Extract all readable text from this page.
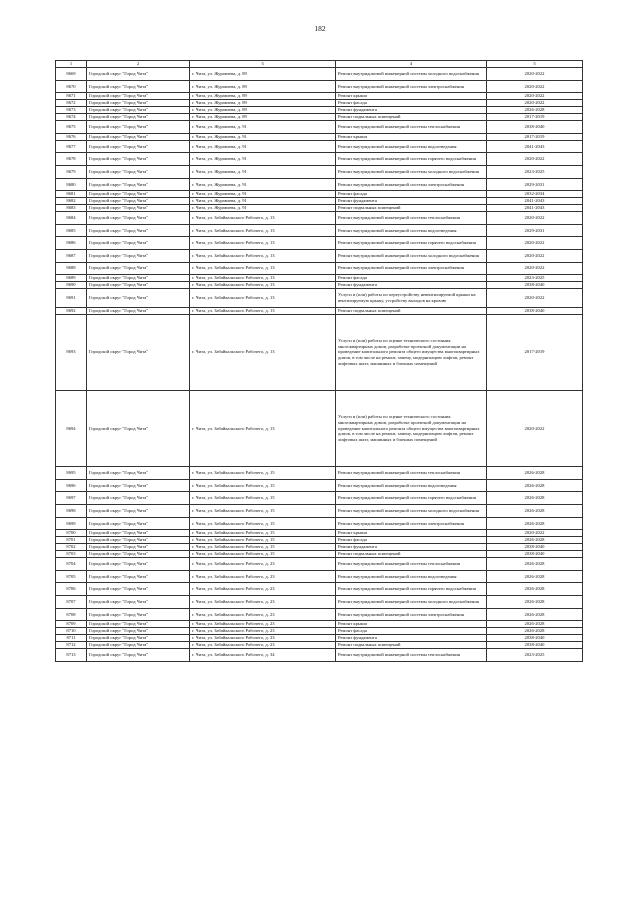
182
1	2	3	4	5
8669	Городской округ "Город Чита"	г. Чита, ул. Журавлева, д. 89	Ремонт внутридомовой инженерной системы холодного водоснабжения	2020-2022
8670	Городской округ "Город Чита"	г. Чита, ул. Журавлева, д. 89	Ремонт внутридомовой инженерной системы электроснабжения	2020-2022
8671	Городской округ "Город Чита"	г. Чита, ул. Журавлева, д. 89	Ремонт крыши	2020-2022
8672	Городской округ "Город Чита"	г. Чита, ул. Журавлева, д. 89	Ремонт фасада	2020-2022
8673	Городской округ "Город Чита"	г. Чита, ул. Журавлева, д. 89	Ремонт фундамента	2026-2028
8674	Городской округ "Город Чита"	г. Чита, ул. Журавлева, д. 89	Ремонт подвальных помещений	2017-2019
8675	Городской округ "Город Чита"	г. Чита, ул. Журавлева, д. 91	Ремонт внутридомовой инженерной системы теплоснабжения	2038-2040
8676	Городской округ "Город Чита"	г. Чита, ул. Журавлева, д. 91	Ремонт крыши	2017-2019
8677	Городской округ "Город Чита"	г. Чита, ул. Журавлева, д. 91	Ремонт внутридомовой инженерной системы водоотведения	2041-2043
8678	Городской округ "Город Чита"	г. Чита, ул. Журавлева, д. 91	Ремонт внутридомовой инженерной системы горячего водоснабжения	2020-2022
8679	Городской округ "Город Чита"	г. Чита, ул. Журавлева, д. 91	Ремонт внутридомовой инженерной системы холодного водоснабжения	2023-2025
8680	Городской округ "Город Чита"	г. Чита, ул. Журавлева, д. 91	Ремонт внутридомовой инженерной системы электроснабжения	2029-2031
8681	Городской округ "Город Чита"	г. Чита, ул. Журавлева, д. 91	Ремонт фасада	2032-2034
8682	Городской округ "Город Чита"	г. Чита, ул. Журавлева, д. 91	Ремонт фундамента	2041-2043
8683	Городской округ "Город Чита"	г. Чита, ул. Журавлева, д. 91	Ремонт подвальных помещений	2041-2043
8684	Городской округ "Город Чита"	г. Чита, ул. Забайкальского Рабочего, д. 13	Ремонт внутридомовой инженерной системы теплоснабжения	2020-2022
8685	Городской округ "Город Чита"	г. Чита, ул. Забайкальского Рабочего, д. 13	Ремонт внутридомовой инженерной системы водоотведения	2029-2031
8686	Городской округ "Город Чита"	г. Чита, ул. Забайкальского Рабочего, д. 13	Ремонт внутридомовой инженерной системы горячего водоснабжения	2020-2022
8687	Городской округ "Город Чита"	г. Чита, ул. Забайкальского Рабочего, д. 13	Ремонт внутридомовой инженерной системы холодного водоснабжения	2020-2022
8688	Городской округ "Город Чита"	г. Чита, ул. Забайкальского Рабочего, д. 13	Ремонт внутридомовой инженерной системы электроснабжения	2020-2022
8689	Городской округ "Город Чита"	г. Чита, ул. Забайкальского Рабочего, д. 13	Ремонт фасада	2023-2025
8690	Городской округ "Город Чита"	г. Чита, ул. Забайкальского Рабочего, д. 13	Ремонт фундамента	2038-2040
8691	Городской округ "Город Чита"	г. Чита, ул. Забайкальского Рабочего, д. 13	Услуги и (или) работы по переустройству невентилируемой крыши на вентилируемую крышу, устройству выходов на кровлю	2020-2022
8692	Городской округ "Город Чита"	г. Чита, ул. Забайкальского Рабочего, д. 13	Ремонт подвальных помещений	2038-2040
8693	Городской округ "Город Чита"	г. Чита, ул. Забайкальского Рабочего, д. 13	Услуги и (или) работы по оценке технического состояния многоквартирных домов, разработке проектной документации на проведение капитального ремонта общего имущества многоквартирных домов, в том числе на ремонт, замену, модернизацию лифтов, ремонт лифтовых шахт, машинных и блочных помещений	2017-2019
8694	Городской округ "Город Чита"	г. Чита, ул. Забайкальского Рабочего, д. 13	Услуги и (или) работы по оценке технического состояния многоквартирных домов, разработке проектной документации на проведение капитального ремонта общего имущества многоквартирных домов, в том числе на ремонт, замену, модернизацию лифтов, ремонт лифтовых шахт, машинных и блочных помещений	2020-2022
8695	Городской округ "Город Чита"	г. Чита, ул. Забайкальского Рабочего, д. 15	Ремонт внутридомовой инженерной системы теплоснабжения	2026-2028
8696	Городской округ "Город Чита"	г. Чита, ул. Забайкальского Рабочего, д. 15	Ремонт внутридомовой инженерной системы водоотведения	2026-2028
8697	Городской округ "Город Чита"	г. Чита, ул. Забайкальского Рабочего, д. 15	Ремонт внутридомовой инженерной системы горячего водоснабжения	2026-2028
8698	Городской округ "Город Чита"	г. Чита, ул. Забайкальского Рабочего, д. 15	Ремонт внутридомовой инженерной системы холодного водоснабжения	2026-2028
8699	Городской округ "Город Чита"	г. Чита, ул. Забайкальского Рабочего, д. 15	Ремонт внутридомовой инженерной системы электроснабжения	2026-2028
8700	Городской округ "Город Чита"	г. Чита, ул. Забайкальского Рабочего, д. 15	Ремонт крыши	2020-2022
8701	Городской округ "Город Чита"	г. Чита, ул. Забайкальского Рабочего, д. 15	Ремонт фасада	2026-2028
8702	Городской округ "Город Чита"	г. Чита, ул. Забайкальского Рабочего, д. 15	Ремонт фундамента	2038-2040
8703	Городской округ "Город Чита"	г. Чита, ул. Забайкальского Рабочего, д. 15	Ремонт подвальных помещений	2038-2040
8704	Городской округ "Город Чита"	г. Чита, ул. Забайкальского Рабочего, д. 23	Ремонт внутридомовой инженерной системы теплоснабжения	2026-2028
8705	Городской округ "Город Чита"	г. Чита, ул. Забайкальского Рабочего, д. 23	Ремонт внутридомовой инженерной системы водоотведения	2026-2028
8706	Городской округ "Город Чита"	г. Чита, ул. Забайкальского Рабочего, д. 23	Ремонт внутридомовой инженерной системы горячего водоснабжения	2026-2028
8707	Городской округ "Город Чита"	г. Чита, ул. Забайкальского Рабочего, д. 23	Ремонт внутридомовой инженерной системы холодного водоснабжения	2026-2028
8708	Городской округ "Город Чита"	г. Чита, ул. Забайкальского Рабочего, д. 23	Ремонт внутридомовой инженерной системы электроснабжения	2026-2028
8709	Городской округ "Город Чита"	г. Чита, ул. Забайкальского Рабочего, д. 23	Ремонт крыши	2026-2028
8710	Городской округ "Город Чита"	г. Чита, ул. Забайкальского Рабочего, д. 23	Ремонт фасада	2026-2028
8711	Городской округ "Город Чита"	г. Чита, ул. Забайкальского Рабочего, д. 23	Ремонт фундамента	2038-2040
8712	Городской округ "Город Чита"	г. Чита, ул. Забайкальского Рабочего, д. 23	Ремонт подвальных помещений	2038-2040
8713	Городской округ "Город Чита"	г. Чита, ул. Забайкальского Рабочего, д. 34	Ремонт внутридомовой инженерной системы теплоснабжения	2023-2025
